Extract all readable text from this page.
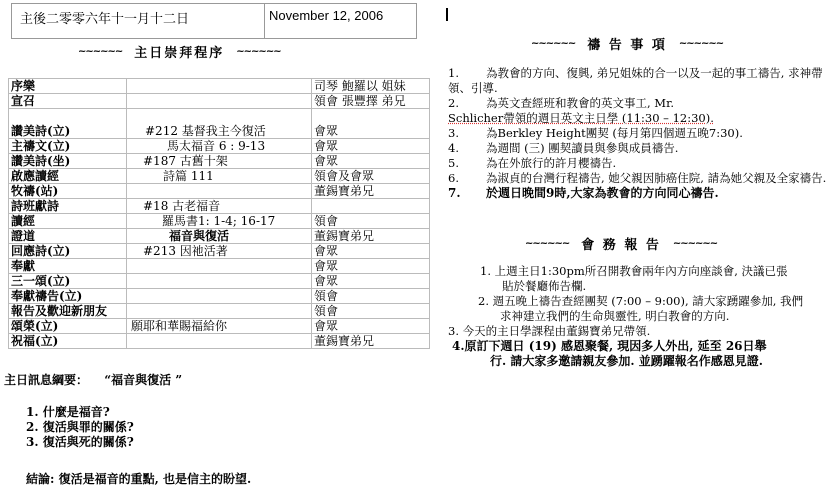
主後二零零六年十一月十二日	November 12, 2006
~~~~~~ 主日崇拜程序 ~~~~~~
序樂		司琴 鮑羅以 姐妹
宣召		領會 張豐擇 弟兄
讚美詩(立)	#212 基督我主今復活	會眾
主禱文(立)	馬太福音 6 : 9-13	會眾
讚美詩(坐)	#187 古舊十架	會眾
啟應讀經	詩篇 111	領會及會眾
牧禱(站)		董錫寶弟兄
詩班獻詩	#18 古老福音	
讀經	羅馬書1: 1-4; 16-17	領會
證道	福音與復活	董錫寶弟兄
回應詩(立)	#213 因祂活著	會眾
奉獻		會眾
三一頌(立)		會眾
奉獻禱告(立)		領會
報告及歡迎新朋友		領會
頌榮(立)	願耶和華賜福給你	會眾
祝福(立)		董錫寶弟兄
主日訊息綱要： “福音與復活 ”
1. 什麼是福音?
2. 復活與罪的關係?
3. 復活與死的關係?
結論: 復活是福音的重點, 也是信主的盼望.
~~~~~~ 禱 告 事 項 ~~~~~~
1.	為教會的方向、復興, 弟兄姐妹的合一以及一起的事工禱告, 求神帶領、引導.
2.	為英文查經班和教會的英文事工, Mr.
Schlicher帶領的週日英文主日學 (11:30 – 12:30).
3.	為Berkley Height團契 (每月第四個週五晚7:30).
4.	為週間 (三) 團契讀員與參與成員禱告.
5.	為在外旅行的許月櫻禱告.
6.	為淑貞的台灣行程禱告, 她父親因肺癌住院, 請為她父親及全家禱告.
7.	於週日晚間9時,大家為教會的方向同心禱告.
~~~~~~ 會 務 報 告 ~~~~~~
1. 上週主日1:30pm所召開教會兩年內方向座談會, 決議已張
貼於餐廳佈告欄.
2. 週五晚上禱告查經團契 (7:00 – 9:00), 請大家踴躍參加, 我們
求神建立我們的生命與靈性, 明白教會的方向.
3. 今天的主日學課程由董錫寶弟兄帶領.
4.原訂下週日 (19) 感恩聚餐, 現因多人外出, 延至 26日舉
行. 請大家多邀請親友參加. 並踴躍報名作感恩見證.
